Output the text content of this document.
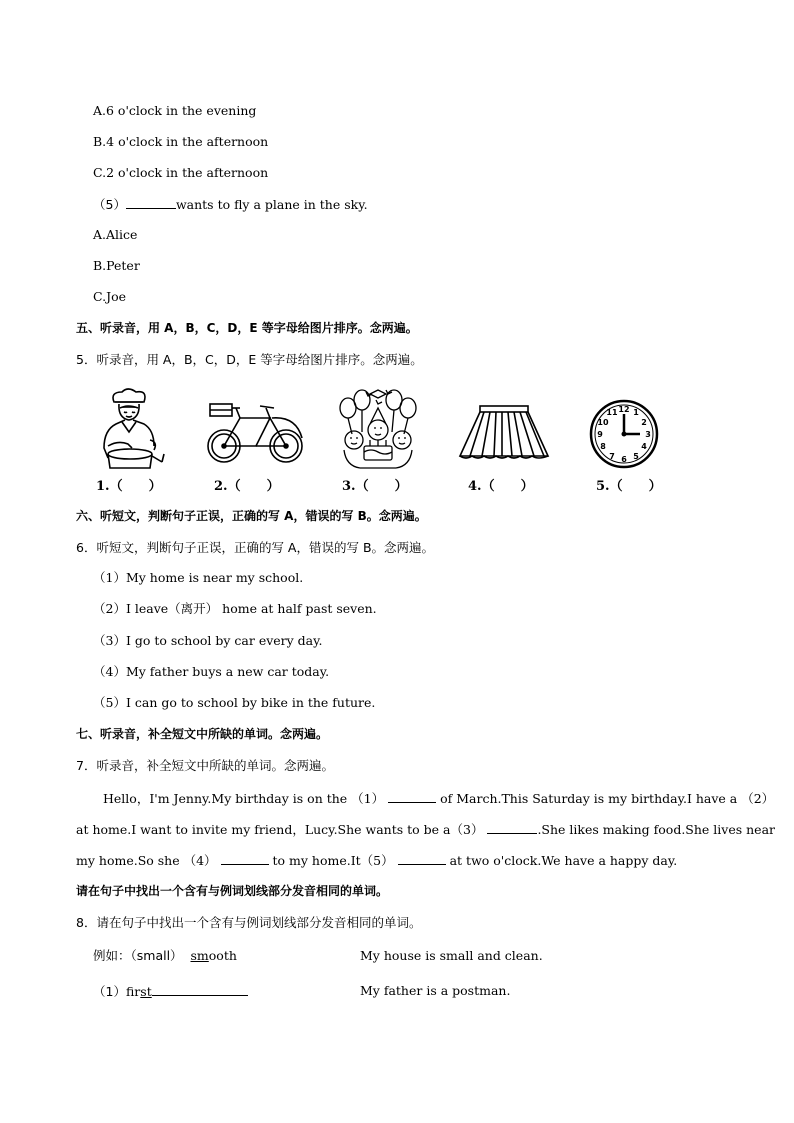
A.6 o'clock in the evening
B.4 o'clock in the afternoon
C.2 o'clock in the afternoon
（5）	wants to fly a plane in the sky.
A.Alice
B.Peter
C.Joe
五、听录音，用 A，B，C，D，E 等字母给图片排序。念两遍。
5．听录音，用 A，B，C，D，E 等字母给图片排序。念两遍。
1.（　　）	2.（　　）	3.（　　）	4.（　　）
12 1
2
3
4
5
6
7
8
9
10
11
5.（　　）
六、听短文，判断句子正误，正确的写 A，错误的写 B。念两遍。
6．听短文，判断句子正误，正确的写 A，错误的写 B。念两遍。
（1）My home is near my school.
（2）I leave（离开） home at half past seven.
（3）I go to school by car every day.
（4）My father buys a new car today.
（5）I can go to school by bike in the future.
七、听录音，补全短文中所缺的单词。念两遍。
7．听录音，补全短文中所缺的单词。念两遍。
Hello，I'm Jenny.My birthday is on the （1）	of March.This Saturday is my birthday.I have a （2）
at home.I want to invite my friend，Lucy.She wants to be a（3）	.She likes making food.She lives near
my home.So she （4）	to my home.It（5）	at two o'clock.We have a happy day.
请在句子中找出一个含有与例词划线部分发音相同的单词。
8．请在句子中找出一个含有与例词划线部分发音相同的单词。
例如：（small） smooth	My house is small and clean.
（1）first	My father is a postman.
